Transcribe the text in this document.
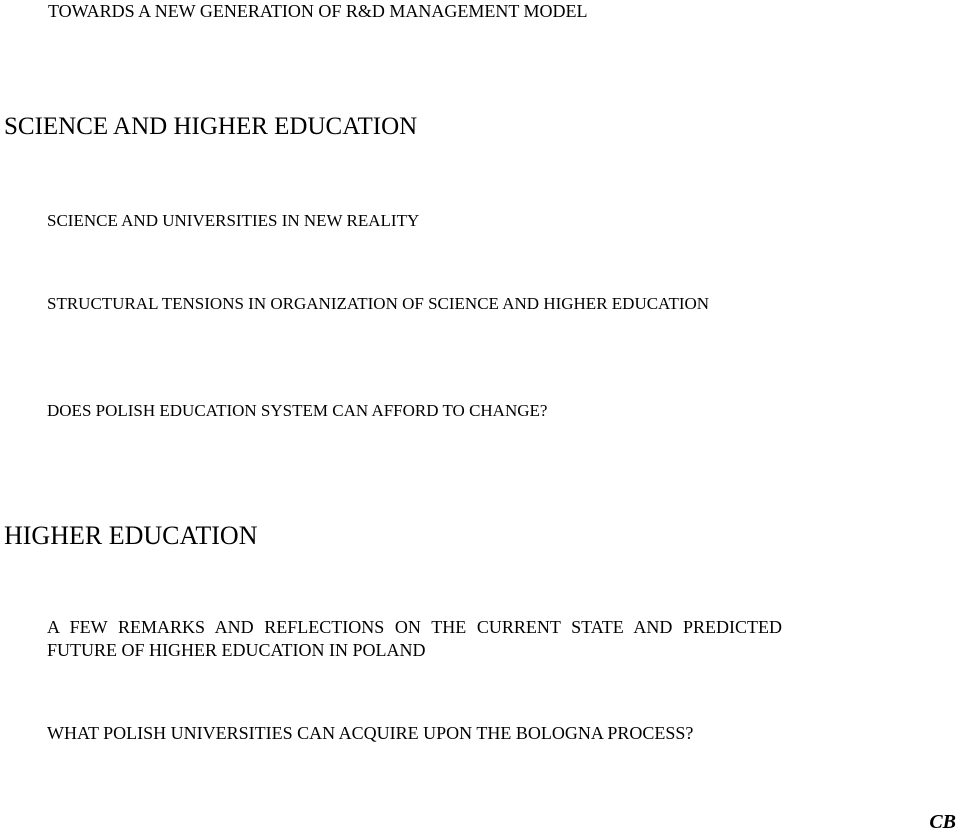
TOWARDS A NEW GENERATION OF R&D MANAGEMENT MODEL
SCIENCE AND HIGHER EDUCATION

SCIENCE AND UNIVERSITIES IN NEW REALITY

STRUCTURAL TENSIONS IN ORGANIZATION OF SCIENCE AND HIGHER EDUCATION

DOES POLISH EDUCATION SYSTEM CAN AFFORD TO CHANGE?

HIGHER EDUCATION

A FEW REMARKS AND REFLECTIONS ON THE CURRENT STATE AND PREDICTED FUTURE OF HIGHER EDUCATION IN POLAND

WHAT POLISH UNIVERSITIES CAN ACQUIRE UPON THE BOLOGNA PROCESS?

CB
